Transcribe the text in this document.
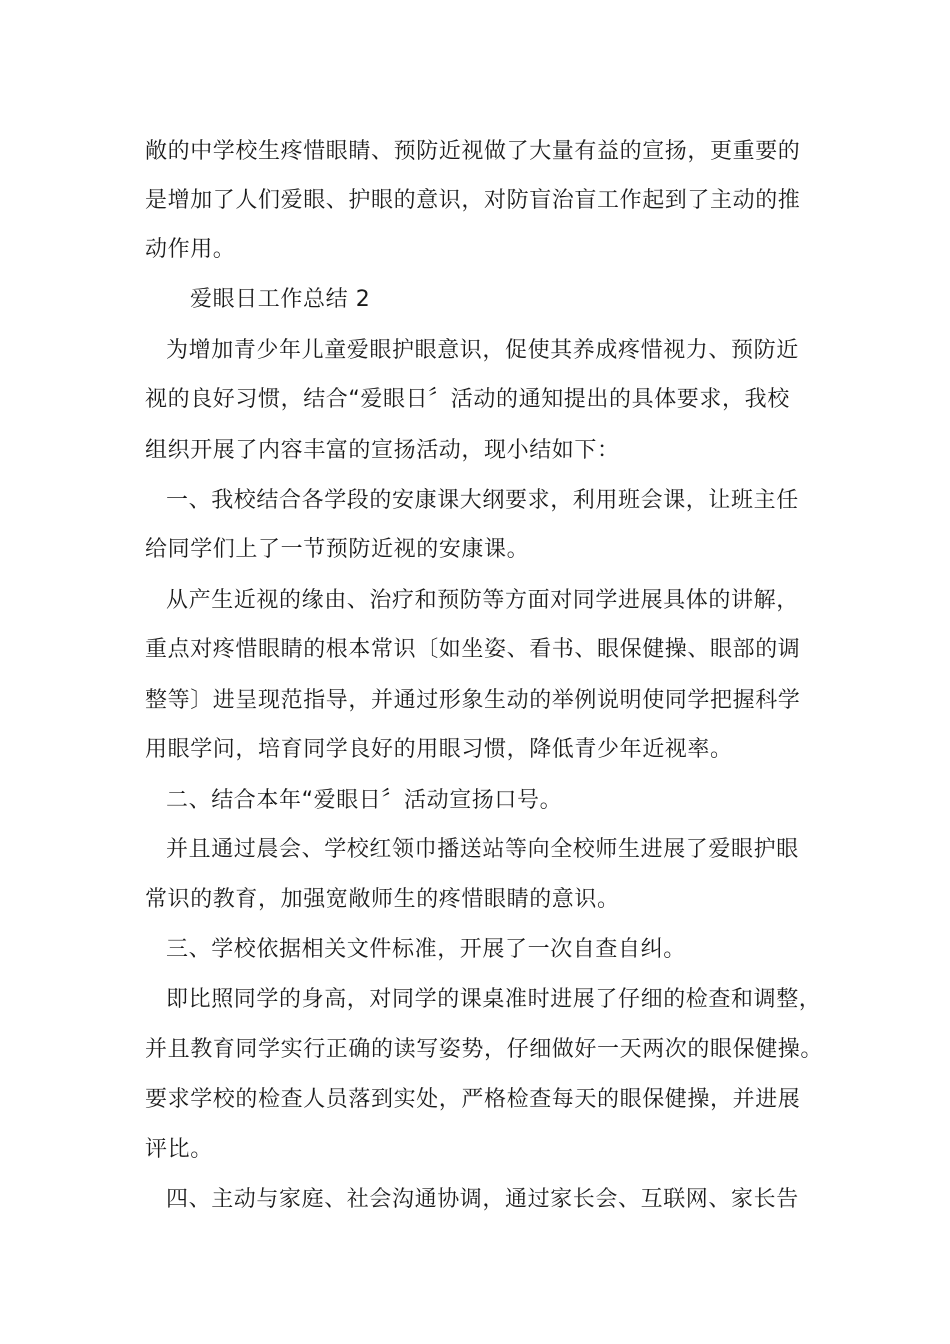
敞的中学校生疼惜眼睛、预防近视做了大量有益的宣扬，更重要的
是增加了人们爱眼、护眼的意识，对防盲治盲工作起到了主动的推
动作用。
爱眼日工作总结 2
为增加青少年儿童爱眼护眼意识，促使其养成疼惜视力、预防近
视的良好习惯，结合“爱眼日〞活动的通知提出的具体要求，我校
组织开展了内容丰富的宣扬活动，现小结如下：
一、我校结合各学段的安康课大纲要求，利用班会课，让班主任
给同学们上了一节预防近视的安康课。
从产生近视的缘由、治疗和预防等方面对同学进展具体的讲解，
重点对疼惜眼睛的根本常识〔如坐姿、看书、眼保健操、眼部的调
整等〕进呈现范指导，并通过形象生动的举例说明使同学把握科学
用眼学问，培育同学良好的用眼习惯，降低青少年近视率。
二、结合本年“爱眼日〞活动宣扬口号。
并且通过晨会、学校红领巾播送站等向全校师生进展了爱眼护眼
常识的教育，加强宽敞师生的疼惜眼睛的意识。
三、学校依据相关文件标准，开展了一次自查自纠。
即比照同学的身高，对同学的课桌准时进展了仔细的检查和调整，
并且教育同学实行正确的读写姿势，仔细做好一天两次的眼保健操。
要求学校的检查人员落到实处，严格检查每天的眼保健操，并进展
评比。
四、主动与家庭、社会沟通协调，通过家长会、互联网、家长告
